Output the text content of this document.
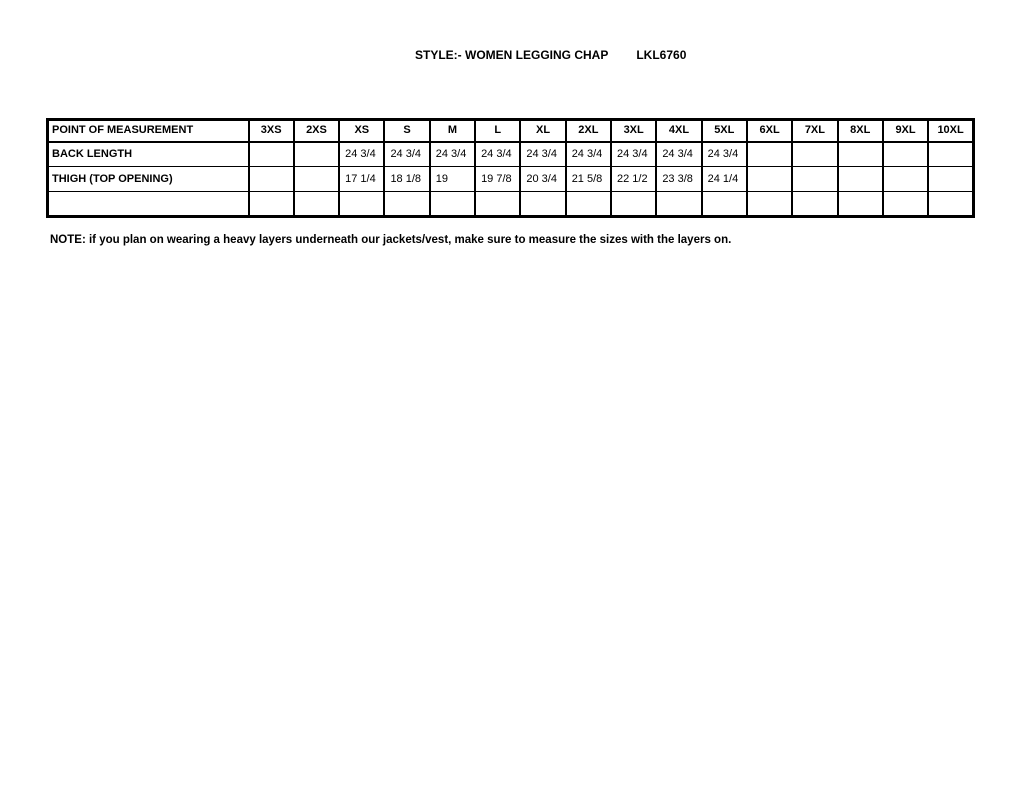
STYLE:- WOMEN LEGGING CHAP LKL6760
POINT OF MEASUREMENT	3XS	2XS	XS	S	M	L	XL	2XL	3XL	4XL	5XL	6XL	7XL	8XL	9XL	10XL
BACK LENGTH			24 3/4	24 3/4	24 3/4	24 3/4	24 3/4	24 3/4	24 3/4	24 3/4	24 3/4					
THIGH (TOP OPENING)			17 1/4	18 1/8	19	19 7/8	20 3/4	21 5/8	22 1/2	23 3/8	24 1/4					

NOTE: if you plan on wearing a heavy layers underneath our jackets/vest, make sure to measure the sizes with the layers on.
